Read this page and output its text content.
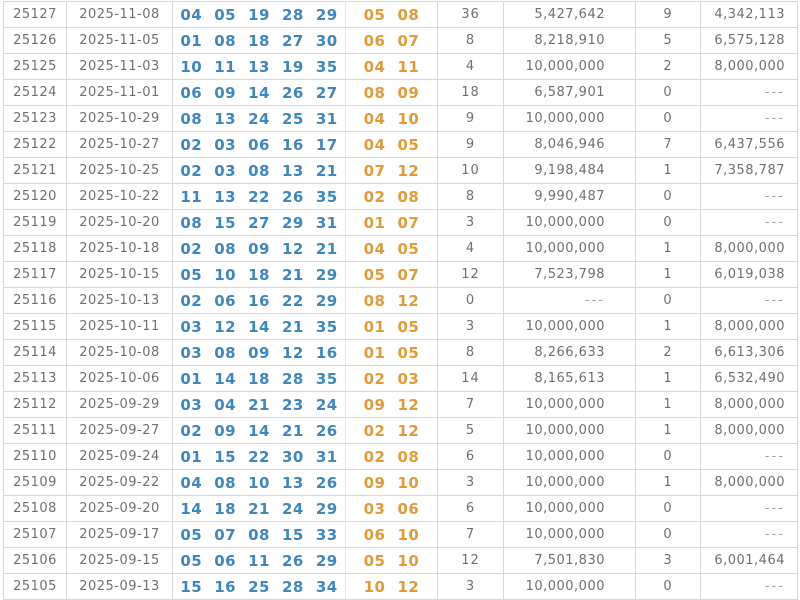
25127	2025-11-08	04 05 19 28 29	05 08	36	5,427,642	9	4,342,113
25126	2025-11-05	01 08 18 27 30	06 07	8	8,218,910	5	6,575,128
25125	2025-11-03	10 11 13 19 35	04 11	4	10,000,000	2	8,000,000
25124	2025-11-01	06 09 14 26 27	08 09	18	6,587,901	0	---
25123	2025-10-29	08 13 24 25 31	04 10	9	10,000,000	0	---
25122	2025-10-27	02 03 06 16 17	04 05	9	8,046,946	7	6,437,556
25121	2025-10-25	02 03 08 13 21	07 12	10	9,198,484	1	7,358,787
25120	2025-10-22	11 13 22 26 35	02 08	8	9,990,487	0	---
25119	2025-10-20	08 15 27 29 31	01 07	3	10,000,000	0	---
25118	2025-10-18	02 08 09 12 21	04 05	4	10,000,000	1	8,000,000
25117	2025-10-15	05 10 18 21 29	05 07	12	7,523,798	1	6,019,038
25116	2025-10-13	02 06 16 22 29	08 12	0	---	0	---
25115	2025-10-11	03 12 14 21 35	01 05	3	10,000,000	1	8,000,000
25114	2025-10-08	03 08 09 12 16	01 05	8	8,266,633	2	6,613,306
25113	2025-10-06	01 14 18 28 35	02 03	14	8,165,613	1	6,532,490
25112	2025-09-29	03 04 21 23 24	09 12	7	10,000,000	1	8,000,000
25111	2025-09-27	02 09 14 21 26	02 12	5	10,000,000	1	8,000,000
25110	2025-09-24	01 15 22 30 31	02 08	6	10,000,000	0	---
25109	2025-09-22	04 08 10 13 26	09 10	3	10,000,000	1	8,000,000
25108	2025-09-20	14 18 21 24 29	03 06	6	10,000,000	0	---
25107	2025-09-17	05 07 08 15 33	06 10	7	10,000,000	0	---
25106	2025-09-15	05 06 11 26 29	05 10	12	7,501,830	3	6,001,464
25105	2025-09-13	15 16 25 28 34	10 12	3	10,000,000	0	---
